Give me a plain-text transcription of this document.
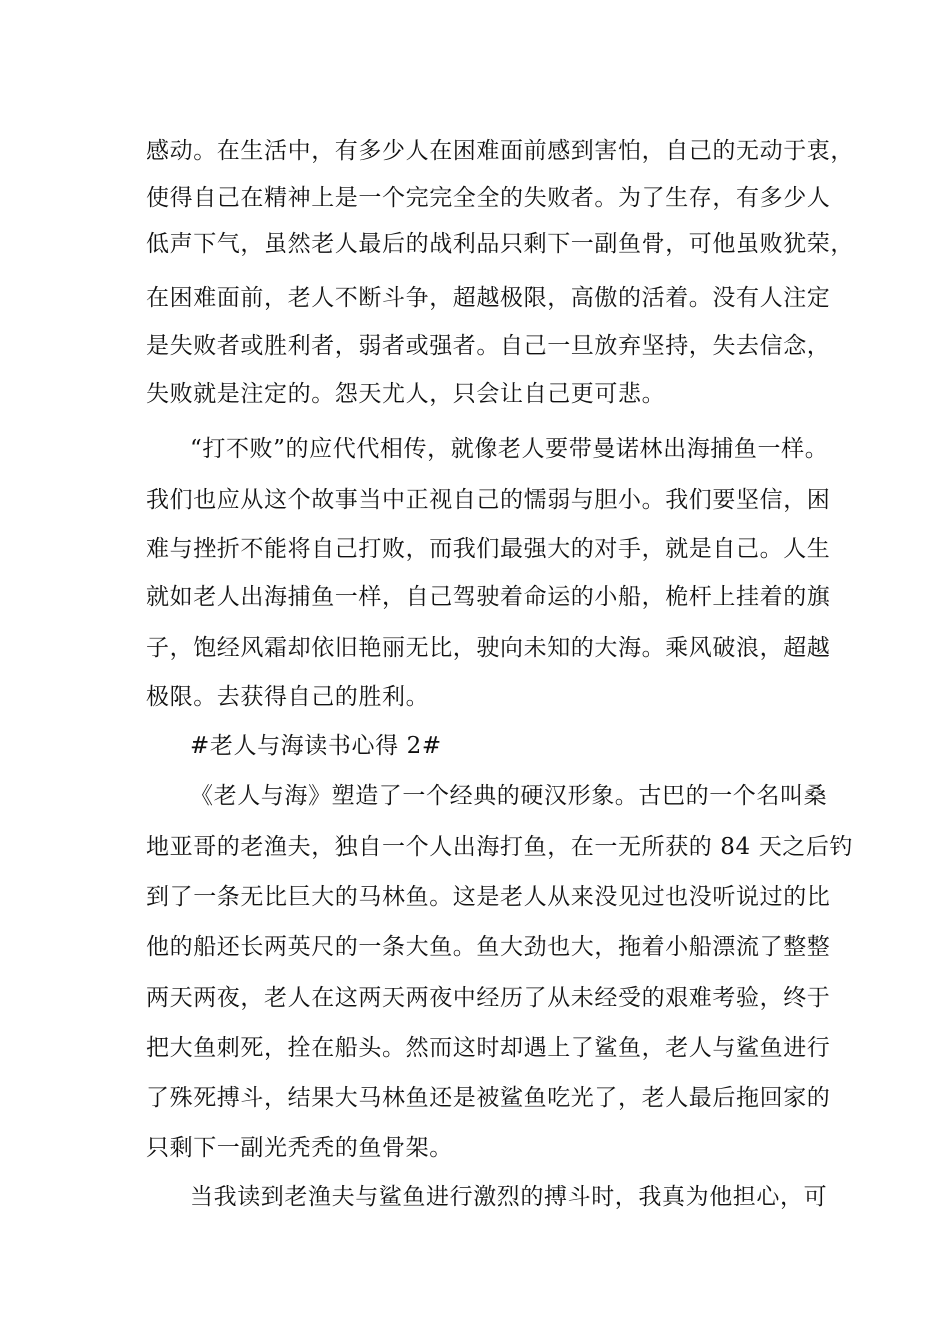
感动。在生活中，有多少人在困难面前感到害怕，自己的无动于衷，
使得自己在精神上是一个完完全全的失败者。为了生存，有多少人
低声下气，虽然老人最后的战利品只剩下一副鱼骨，可他虽败犹荣，
在困难面前，老人不断斗争，超越极限，高傲的活着。没有人注定
是失败者或胜利者，弱者或强者。自己一旦放弃坚持，失去信念，
失败就是注定的。怨天尤人，只会让自己更可悲。
“打不败”的应代代相传，就像老人要带曼诺林出海捕鱼一样。
我们也应从这个故事当中正视自己的懦弱与胆小。我们要坚信，困
难与挫折不能将自己打败，而我们最强大的对手，就是自己。人生
就如老人出海捕鱼一样，自己驾驶着命运的小船，桅杆上挂着的旗
子，饱经风霜却依旧艳丽无比，驶向未知的大海。乘风破浪，超越
极限。去获得自己的胜利。
#老人与海读书心得 2#
《老人与海》塑造了一个经典的硬汉形象。古巴的一个名叫桑
地亚哥的老渔夫，独自一个人出海打鱼，在一无所获的 84 天之后钓
到了一条无比巨大的马林鱼。这是老人从来没见过也没听说过的比
他的船还长两英尺的一条大鱼。鱼大劲也大，拖着小船漂流了整整
两天两夜，老人在这两天两夜中经历了从未经受的艰难考验，终于
把大鱼刺死，拴在船头。然而这时却遇上了鲨鱼，老人与鲨鱼进行
了殊死搏斗，结果大马林鱼还是被鲨鱼吃光了，老人最后拖回家的
只剩下一副光秃秃的鱼骨架。
当我读到老渔夫与鲨鱼进行激烈的搏斗时，我真为他担心，可
